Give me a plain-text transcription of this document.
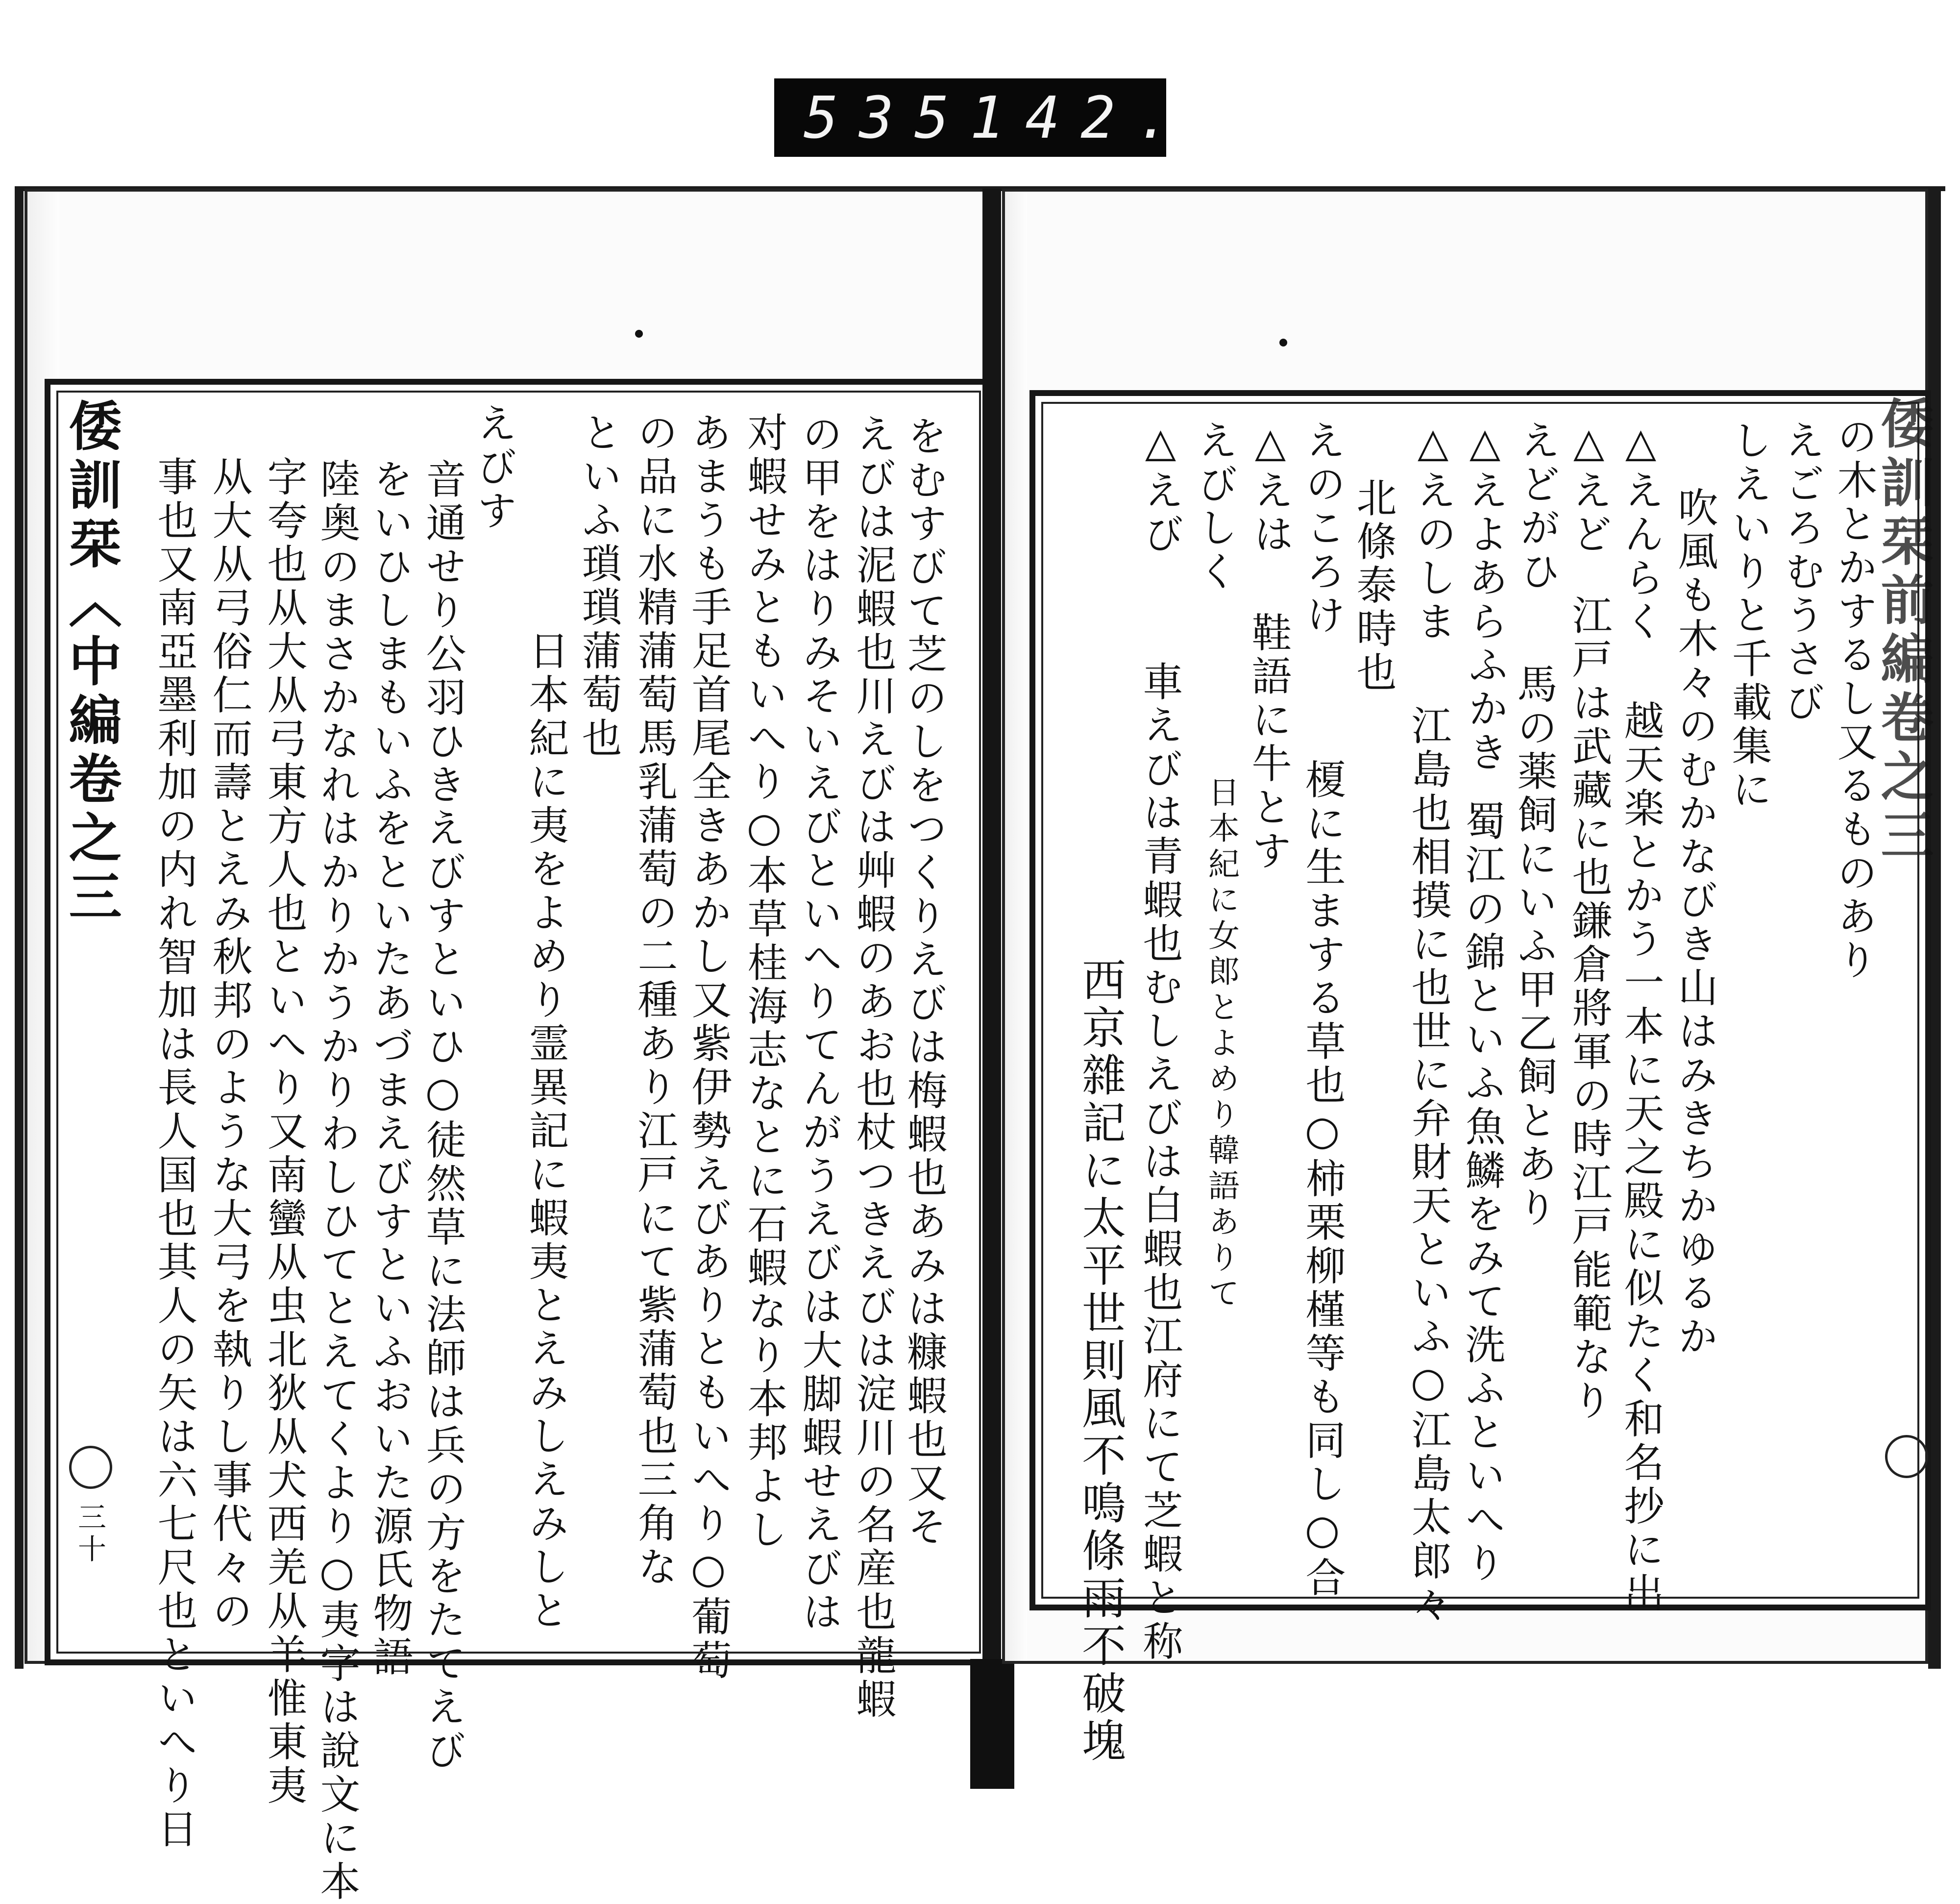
535 142.
倭訓栞〈中編卷之三
三十	をむすびて芝のしをつくりえびは梅蝦也あみは糠蝦也又そ
えびは泥蝦也川えびは艸蝦のあお也杖つきえびは淀川の名産也龍蝦
の甲をはりみそいえびといへりてんがうえびは大脚蝦せえびは
对蝦せみともいへり○本草桂海志なとに石蝦なり本邦よし
あまうも手足首尾全きあかし又紫伊勢えびありともいへり○葡萄
の品に水精蒲萄馬乳蒲萄の二種あり江戸にて紫蒲萄也三角な
といふ瑣瑣蒲萄也
日本紀に夷をよめり霊異記に蝦夷とえみしえみしと
えびす
音通せり公羽ひきえびすといひ○徒然草に法師は兵の方をたてえび
をいひしまもいふをといたあづまえびすといふおいた源氏物語
陸奥のまさかなれはかりかうかりわしひてとえてくより○夷字は說文に本
字夸也从大从弓東方人也といへり又南蠻从虫北狄从犬西羌从羊惟東夷
从大从弓俗仁而壽とえみ秋邦のような大弓を執りし事代々の
事也又南亞墨利加の内れ智加は長人国也其人の矢は六七尺也といへり日	倭訓栞前編卷之三
の木とかするし又るものあり
えごろむうさび
しえいりと千載集に
吹風も木々のむかなびき山はみきちかゆるか
△えんらく
越天楽とかう一本に天之殿に似たく和名抄に出
△えど
江戸は武藏に也鎌倉將軍の時江戸能範なり
えどがひ
馬の薬飼にいふ甲乙飼とあり
△えよあらふかき
蜀江の錦といふ魚鱗をみて洗ふといへり
△えのしま
江島也相摸に也世に弁財天といふ○江島太郎々
北條泰時也
えのころけ
榎に生まする草也○柿栗柳槿等も同し○合
△えは
鞋語に牛とす
日本紀に女郎とよめり韓語ありて
えびしく
△えび
車えびは青蝦也むしえびは白蝦也江府にて芝蝦と称
西京雜記に太平世則風不鳴條雨不破塊
